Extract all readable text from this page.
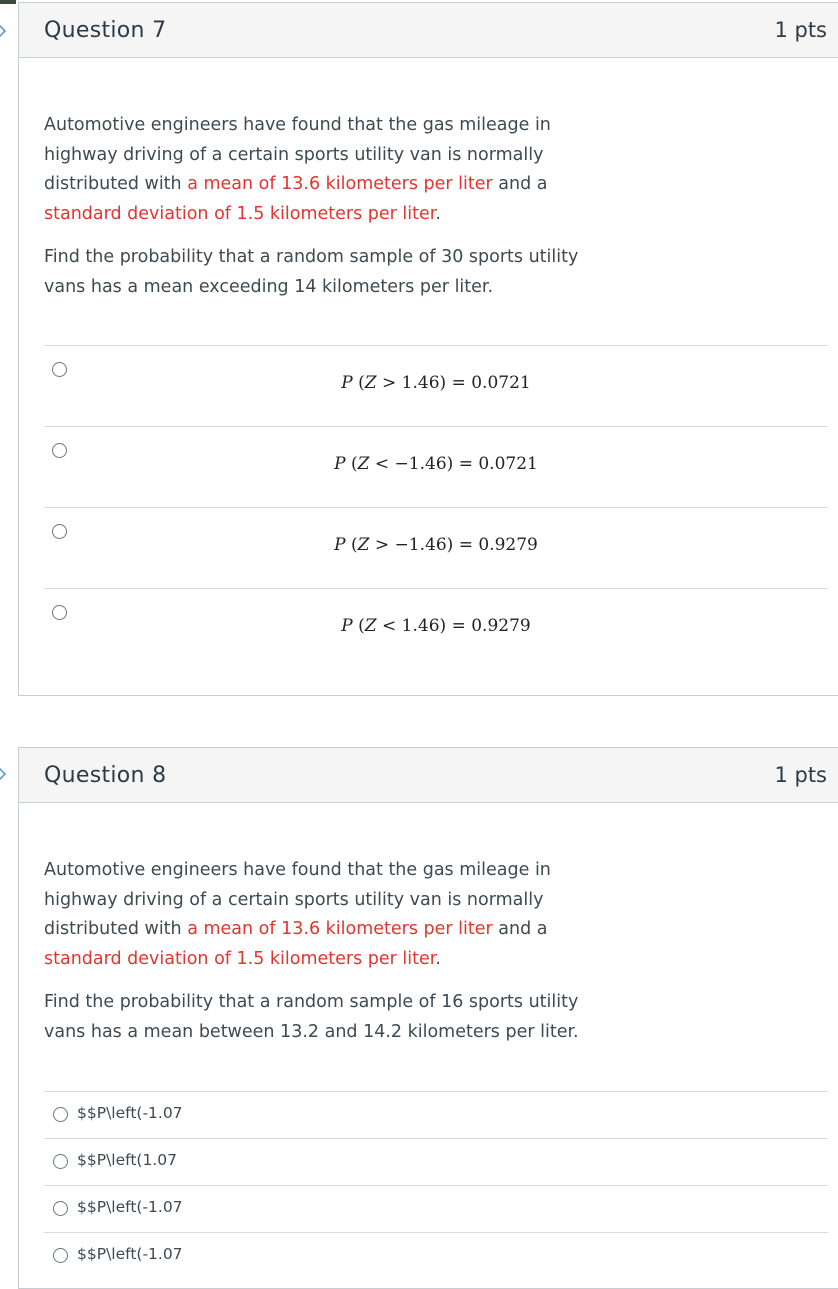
Question 7	1 pts

Automotive engineers have found that the gas mileage in highway driving of a certain sports utility van is normally distributed with a mean of 13.6 kilometers per liter and a standard deviation of 1.5 kilometers per liter.

Find the probability that a random sample of 30 sports utility vans has a mean exceeding 14 kilometers per liter.

P (Z > 1.46) = 0.0721
P (Z < −1.46) = 0.0721
P (Z > −1.46) = 0.9279
P (Z < 1.46) = 0.9279
Question 8	1 pts

Automotive engineers have found that the gas mileage in highway driving of a certain sports utility van is normally distributed with a mean of 13.6 kilometers per liter and a standard deviation of 1.5 kilometers per liter.

Find the probability that a random sample of 16 sports utility vans has a mean between 13.2 and 14.2 kilometers per liter.

$$P\left(-1.07
$$P\left(1.07
$$P\left(-1.07
$$P\left(-1.07
